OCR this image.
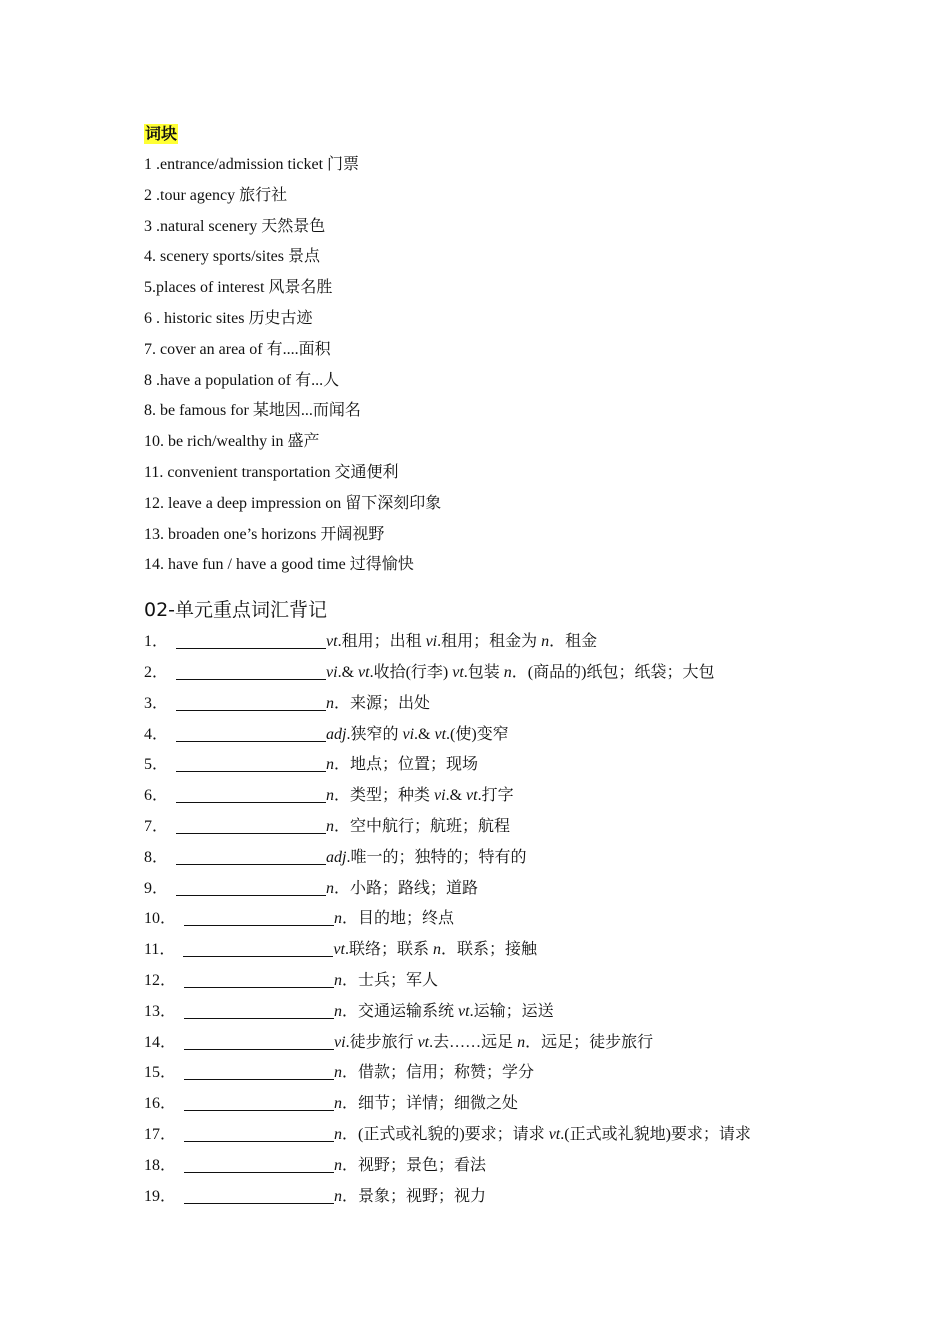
词块
1 .entrance/admission ticket 门票
2 .tour agency 旅行社
3 .natural scenery 天然景色
4. scenery sports/sites 景点
5.places of interest 风景名胜
6 . historic sites 历史古迹
7. cover an area of 有....面积
8 .have a population of 有...人
8. be famous for 某地因...而闻名
10. be rich/wealthy in 盛产
11. convenient transportation 交通便利
12. leave a deep impression on 留下深刻印象
13. broaden one’s horizons 开阔视野
14. have fun / have a good time 过得愉快
02-单元重点词汇背记
1．	vt.租用；出租 vi.租用；租金为 n．租金
2．	vi.& vt.收拾(行李) vt.包装 n．(商品的)纸包；纸袋；大包
3．	n．来源；出处
4．	adj.狭窄的 vi.& vt.(使)变窄
5．	n．地点；位置；现场
6．	n．类型；种类 vi.& vt.打字
7．	n．空中航行；航班；航程
8．	adj.唯一的；独特的；特有的
9．	n．小路；路线；道路
10．	n．目的地；终点
11．	vt.联络；联系 n．联系；接触
12．	n．士兵；军人
13．	n．交通运输系统 vt.运输；运送
14．	vi.徒步旅行 vt.去……远足 n．远足；徒步旅行
15．	n．借款；信用；称赞；学分
16．	n．细节；详情；细微之处
17．	n．(正式或礼貌的)要求；请求 vt.(正式或礼貌地)要求；请求
18．	n．视野；景色；看法
19．	n．景象；视野；视力
